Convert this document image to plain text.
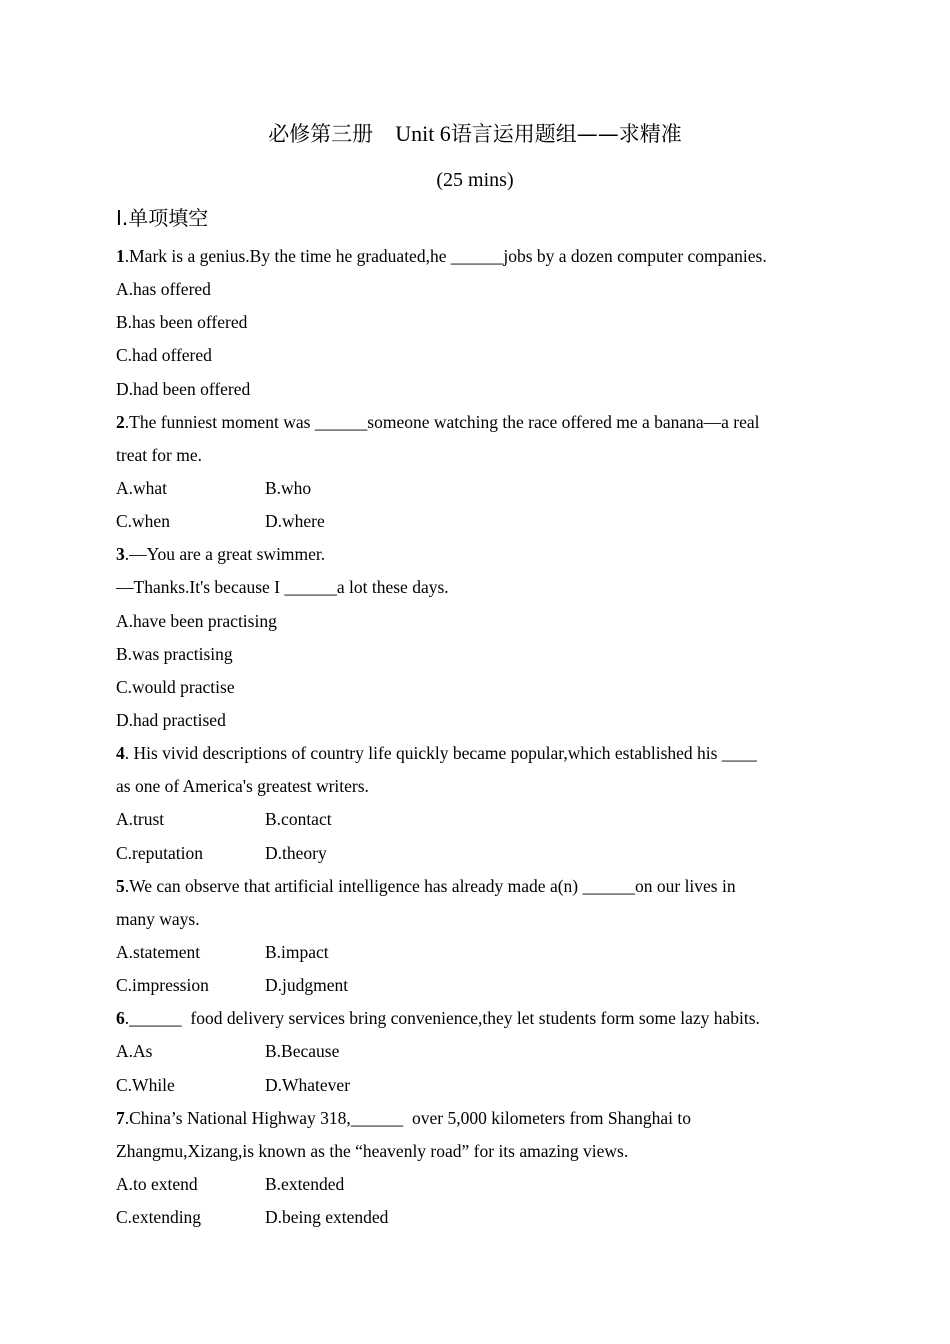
必修第三册 Unit 6语言运用题组——求精准
(25 mins)
Ⅰ.单项填空
1.Mark is a genius.By the time he graduated,he ______jobs by a dozen computer companies.
A.has offered
B.has been offered
C.had offered
D.had been offered
2.The funniest moment was ______someone watching the race offered me a banana—a real
treat for me.
A.what	B.who
C.when	D.where
3.—You are a great swimmer.
—Thanks.It's because I ______a lot these days.
A.have been practising
B.was practising
C.would practise
D.had practised
4. His vivid descriptions of country life quickly became popular,which established his ____
as one of America's greatest writers.
A.trust	B.contact
C.reputation	D.theory
5.We can observe that artificial intelligence has already made a(n) ______on our lives in
many ways.
A.statement	B.impact
C.impression	D.judgment
6.______  food delivery services bring convenience,they let students form some lazy habits.
A.As	B.Because
C.While	D.Whatever
7.China’s National Highway 318,______  over 5,000 kilometers from Shanghai to
Zhangmu,Xizang,is known as the “heavenly road” for its amazing views.
A.to extend	B.extended
C.extending	D.being extended
